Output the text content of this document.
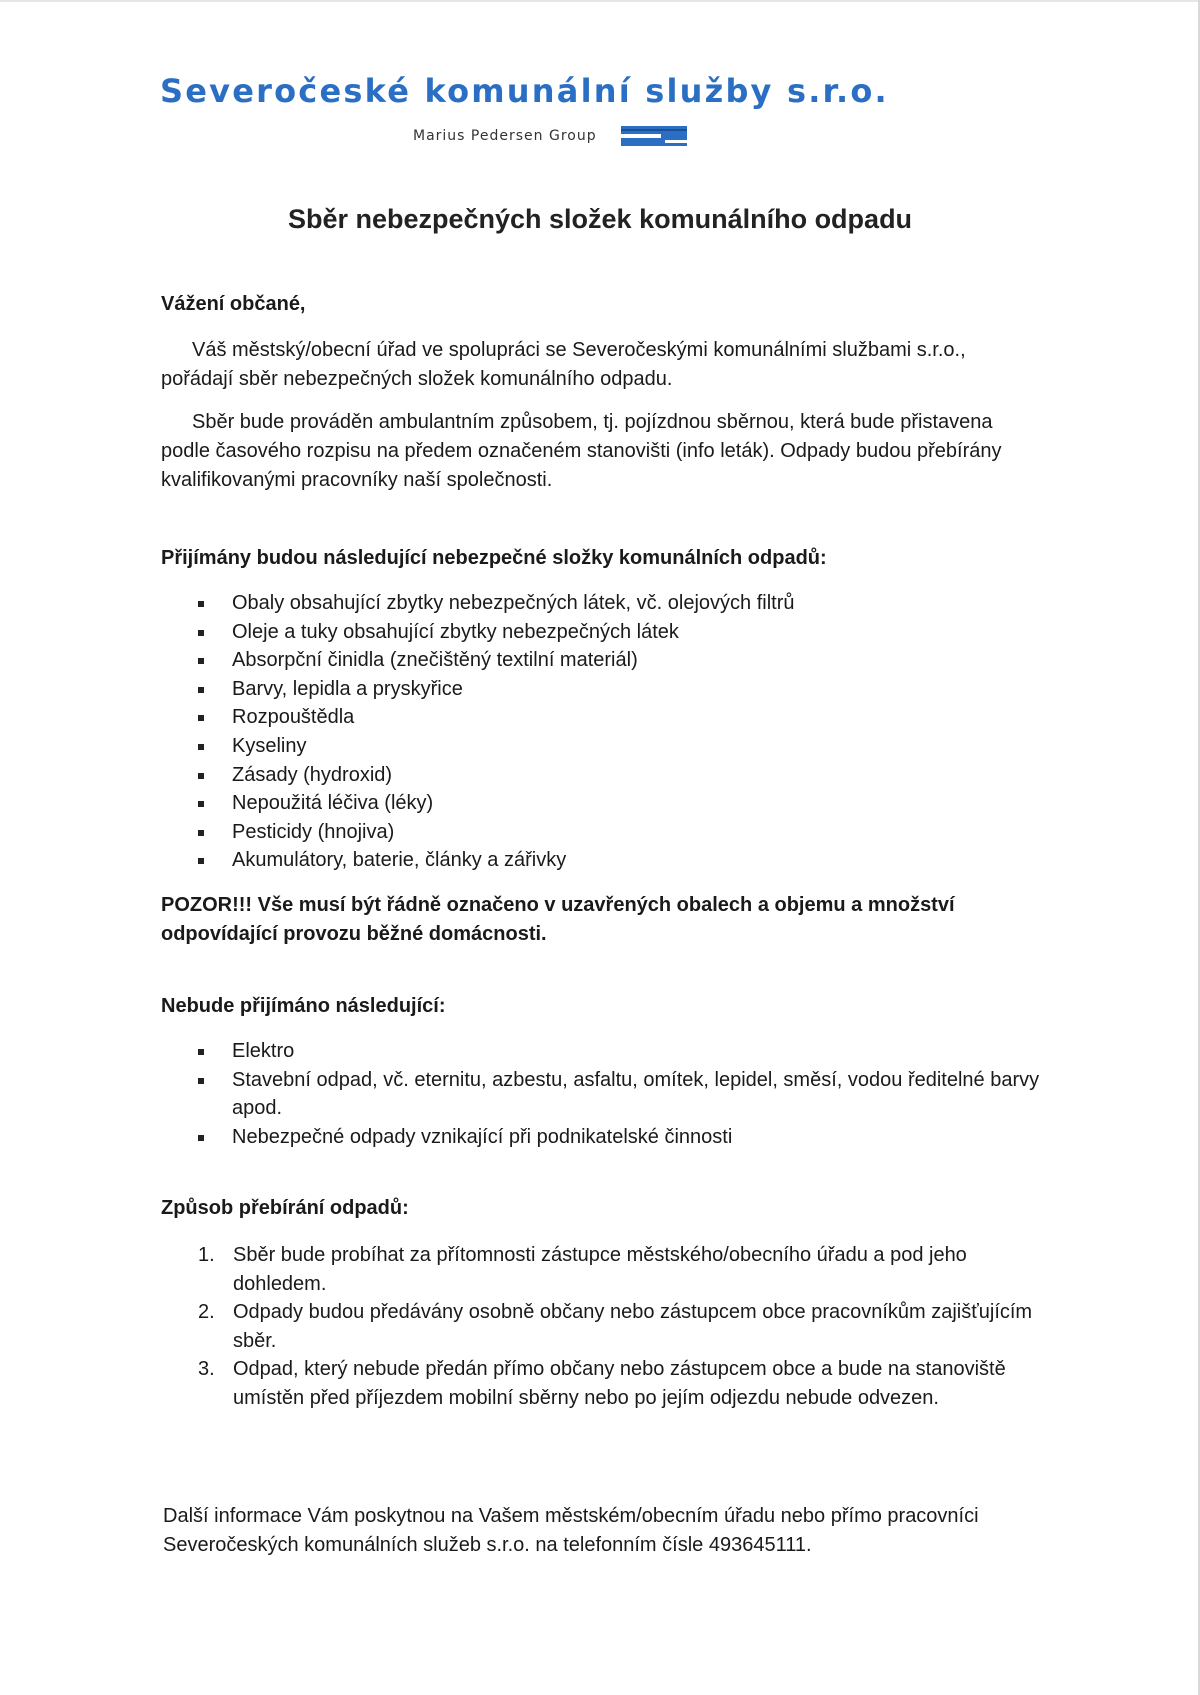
Severočeské komunální služby s.r.o.
Marius Pedersen Group
Sběr nebezpečných složek komunálního odpadu
Vážení občané,
Váš městský/obecní úřad ve spolupráci se Severočeskými komunálními službami s.r.o., pořádají sběr nebezpečných složek komunálního odpadu.
Sběr bude prováděn ambulantním způsobem, tj. pojízdnou sběrnou, která bude přistavena podle časového rozpisu na předem označeném stanovišti (info leták). Odpady budou přebírány kvalifikovanými pracovníky naší společnosti.
Přijímány budou následující nebezpečné složky komunálních odpadů:
Obaly obsahující zbytky nebezpečných látek, vč. olejových filtrů
Oleje a tuky obsahující zbytky nebezpečných látek
Absorpční činidla (znečištěný textilní materiál)
Barvy, lepidla a pryskyřice
Rozpouštědla
Kyseliny
Zásady (hydroxid)
Nepoužitá léčiva (léky)
Pesticidy (hnojiva)
Akumulátory, baterie, články a zářivky
POZOR!!! Vše musí být řádně označeno v uzavřených obalech a objemu a množství odpovídající provozu běžné domácnosti.
Nebude přijímáno následující:
Elektro
Stavební odpad, vč. eternitu, azbestu, asfaltu, omítek, lepidel, směsí, vodou ředitelné barvy apod.
Nebezpečné odpady vznikající při podnikatelské činnosti
Způsob přebírání odpadů:
1. Sběr bude probíhat za přítomnosti zástupce městského/obecního úřadu a pod jeho dohledem.
2. Odpady budou předávány osobně občany nebo zástupcem obce pracovníkům zajišťujícím sběr.
3. Odpad, který nebude předán přímo občany nebo zástupcem obce a bude na stanoviště umístěn před příjezdem mobilní sběrny nebo po jejím odjezdu nebude odvezen.
Další informace Vám poskytnou na Vašem městském/obecním úřadu nebo přímo pracovníci Severočeských komunálních služeb s.r.o. na telefonním čísle 493645111.
